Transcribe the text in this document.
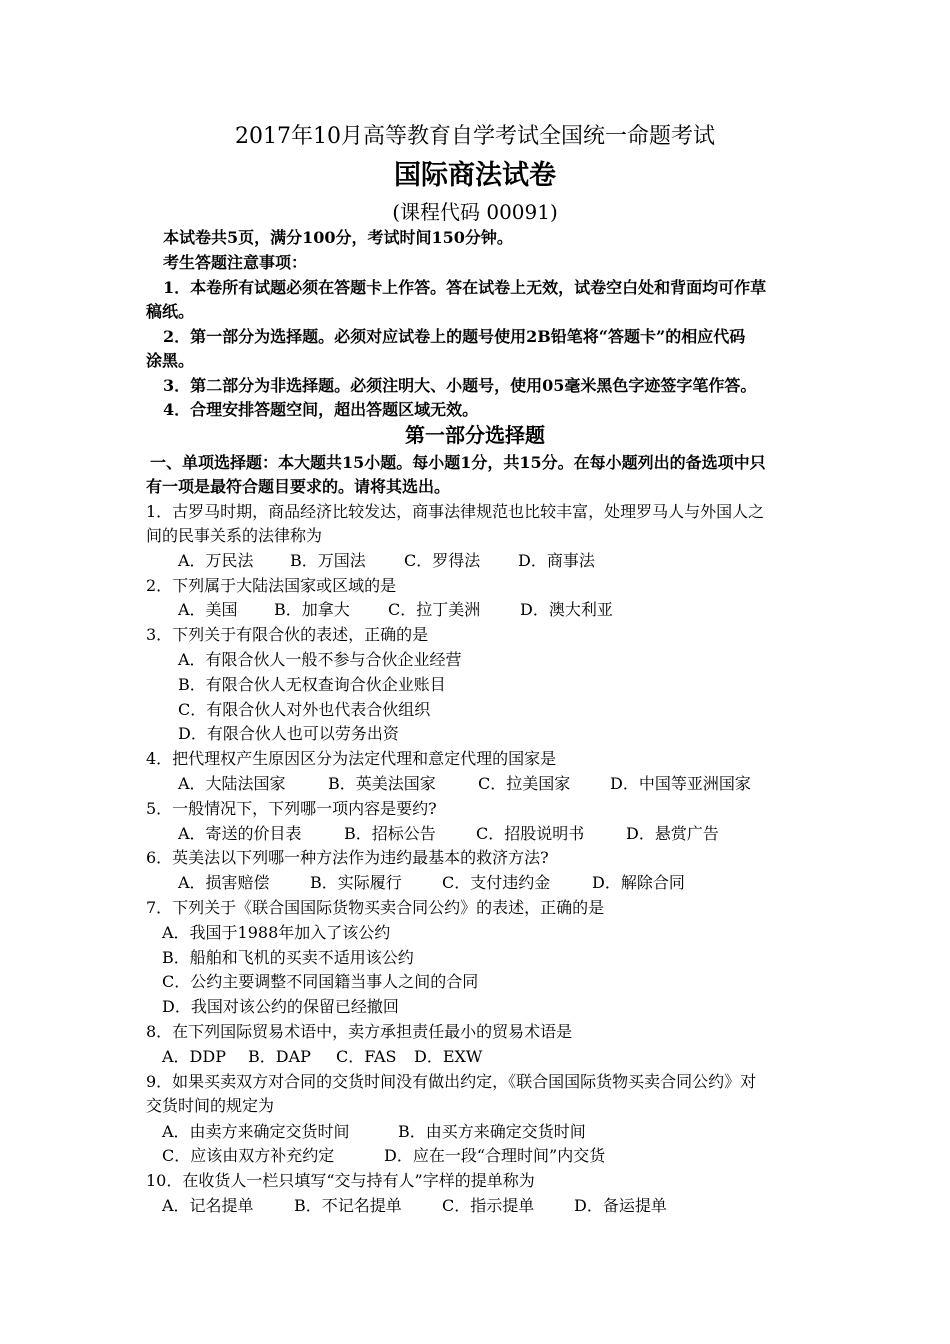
2017年10月高等教育自学考试全国统一命题考试
国际商法试卷
(课程代码 00091)
本试卷共5页，满分100分，考试时间150分钟。
考生答题注意事项：
1．本卷所有试题必须在答题卡上作答。答在试卷上无效，试卷空白处和背面均可作草
稿纸。
2．第一部分为选择题。必须对应试卷上的题号使用2B铅笔将“答题卡”的相应代码
涂黑。
3．第二部分为非选择题。必须注明大、小题号，使用05毫米黑色字迹签字笔作答。
4．合理安排答题空间，超出答题区域无效。
第一部分选择题
一、单项选择题：本大题共15小题。每小题1分，共15分。在每小题列出的备选项中只
有一项是最符合题目要求的。请将其选出。
1．古罗马时期，商品经济比较发达，商事法律规范也比较丰富，处理罗马人与外国人之
间的民事关系的法律称为
A．万民法 B．万国法 C．罗得法 D．商事法
2．下列属于大陆法国家或区域的是
A．美国 B．加拿大 C．拉丁美洲 D．澳大利亚
3．下列关于有限合伙的表述，正确的是
A．有限合伙人一般不参与合伙企业经营
B．有限合伙人无权查询合伙企业账目
C．有限合伙人对外也代表合伙组织
D．有限合伙人也可以劳务出资
4．把代理权产生原因区分为法定代理和意定代理的国家是
A．大陆法国家	B．英美法国家	C．拉美国家 D．中国等亚洲国家
5．一般情况下，下列哪一项内容是要约?
A．寄送的价目表	B．招标公告	C．招股说明书	D．悬赏广告
6．英美法以下列哪一种方法作为违约最基本的救济方法?
A．损害赔偿	B．实际履行	C．支付违约金	D．解除合同
7．下列关于《联合国国际货物买卖合同公约》的表述，正确的是
A．我国于1988年加入了该公约
B．船舶和飞机的买卖不适用该公约
C．公约主要调整不同国籍当事人之间的合同
D．我国对该公约的保留已经撤回
8．在下列国际贸易术语中，卖方承担责任最小的贸易术语是
A．DDP B．DAP C．FAS D．EXW
9．如果买卖双方对合同的交货时间没有做出约定，《联合国国际货物买卖合同公约》对
交货时间的规定为
A．由卖方来确定交货时间	B．由买方来确定交货时间
C．应该由双方补充约定	D．应在一段“合理时间”内交货
10．在收货人一栏只填写“交与持有人”字样的提单称为
A．记名提单	B．不记名提单	C．指示提单 D．备运提单
